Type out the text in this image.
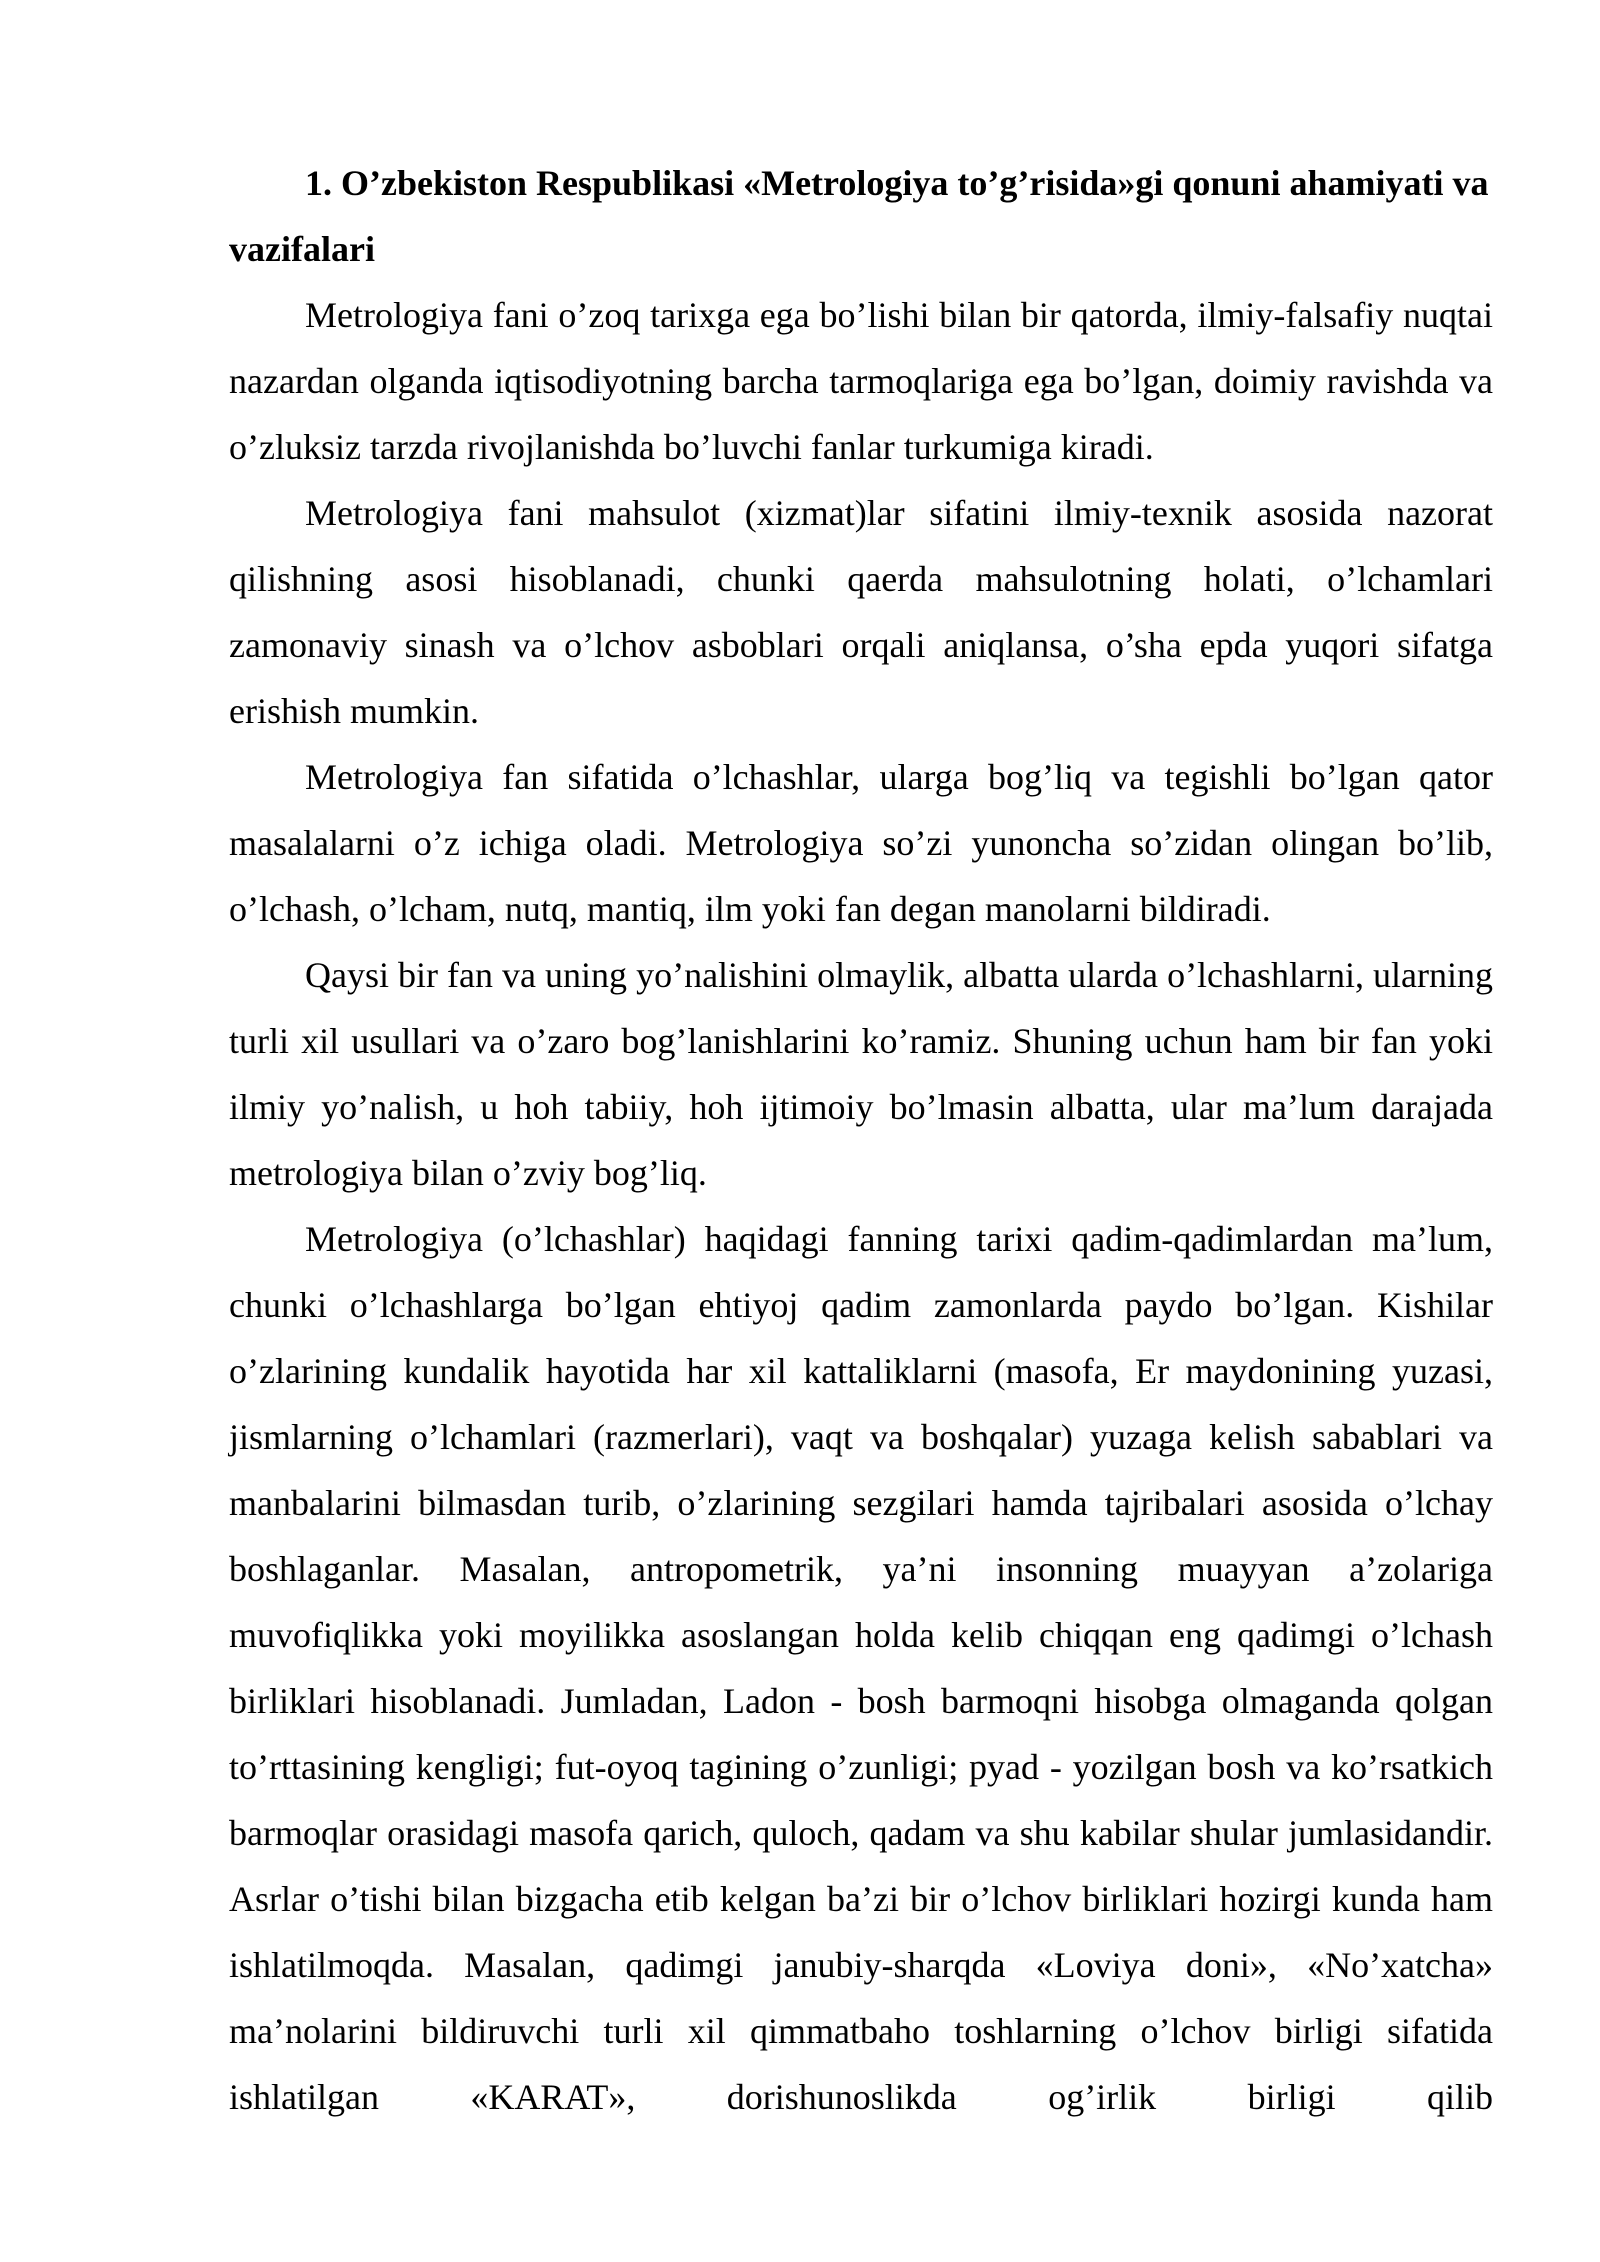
1. O’zbekiston Respublikasi «Metrologiya to’g’risida»gi qonuni ahamiyati va vazifalari

Metrologiya fani o’zoq tarixga ega bo’lishi bilan bir qatorda, ilmiy-falsafiy nuqtai nazardan olganda iqtisodiyotning barcha tarmoqlariga ega bo’lgan, doimiy ravishda va o’zluksiz tarzda rivojlanishda bo’luvchi fanlar turkumiga kiradi.

Metrologiya fani mahsulot (xizmat)lar sifatini ilmiy-texnik asosida nazorat qilishning asosi hisoblanadi, chunki qaerda mahsulotning holati, o’lchamlari zamonaviy sinash va o’lchov asboblari orqali aniqlansa, o’sha epda yuqori sifatga erishish mumkin.

Metrologiya fan sifatida o’lchashlar, ularga bog’liq va tegishli bo’lgan qator masalalarni o’z ichiga oladi. Metrologiya so’zi yunoncha so’zidan olingan bo’lib, o’lchash, o’lcham, nutq, mantiq, ilm yoki fan degan manolarni bildiradi.

Qaysi bir fan va uning yo’nalishini olmaylik, albatta ularda o’lchashlarni, ularning turli xil usullari va o’zaro bog’lanishlarini ko’ramiz. Shuning uchun ham bir fan yoki ilmiy yo’nalish, u hoh tabiiy, hoh ijtimoiy bo’lmasin albatta, ular ma’lum darajada metrologiya bilan o’zviy bog’liq.

Metrologiya (o’lchashlar) haqidagi fanning tarixi qadim-qadimlardan ma’lum, chunki o’lchashlarga bo’lgan ehtiyoj qadim zamonlarda paydo bo’lgan. Kishilar o’zlarining kundalik hayotida har xil kattaliklarni (masofa, Er maydonining yuzasi, jismlarning o’lchamlari (razmerlari), vaqt va boshqalar) yuzaga kelish sabablari va manbalarini bilmasdan turib, o’zlarining sezgilari hamda tajribalari asosida o’lchay boshlaganlar. Masalan, antropometrik, ya’ni insonning muayyan a’zolariga muvofiqlikka yoki moyilikka asoslangan holda kelib chiqqan eng qadimgi o’lchash birliklari hisoblanadi. Jumladan, Ladon - bosh barmoqni hisobga olmaganda qolgan to’rttasining kengligi; fut-oyoq tagining o’zunligi; pyad - yozilgan bosh va ko’rsatkich barmoqlar orasidagi masofa qarich, quloch, qadam va shu kabilar shular jumlasidandir. Asrlar o’tishi bilan bizgacha etib kelgan ba’zi bir o’lchov birliklari hozirgi kunda ham ishlatilmoqda. Masalan, qadimgi janubiy-sharqda «Loviya doni», «No’xatcha» ma’nolarini bildiruvchi turli xil qimmatbaho toshlarning o’lchov birligi sifatida ishlatilgan «KARAT», dorishunoslikda og’irlik birligi qilib
